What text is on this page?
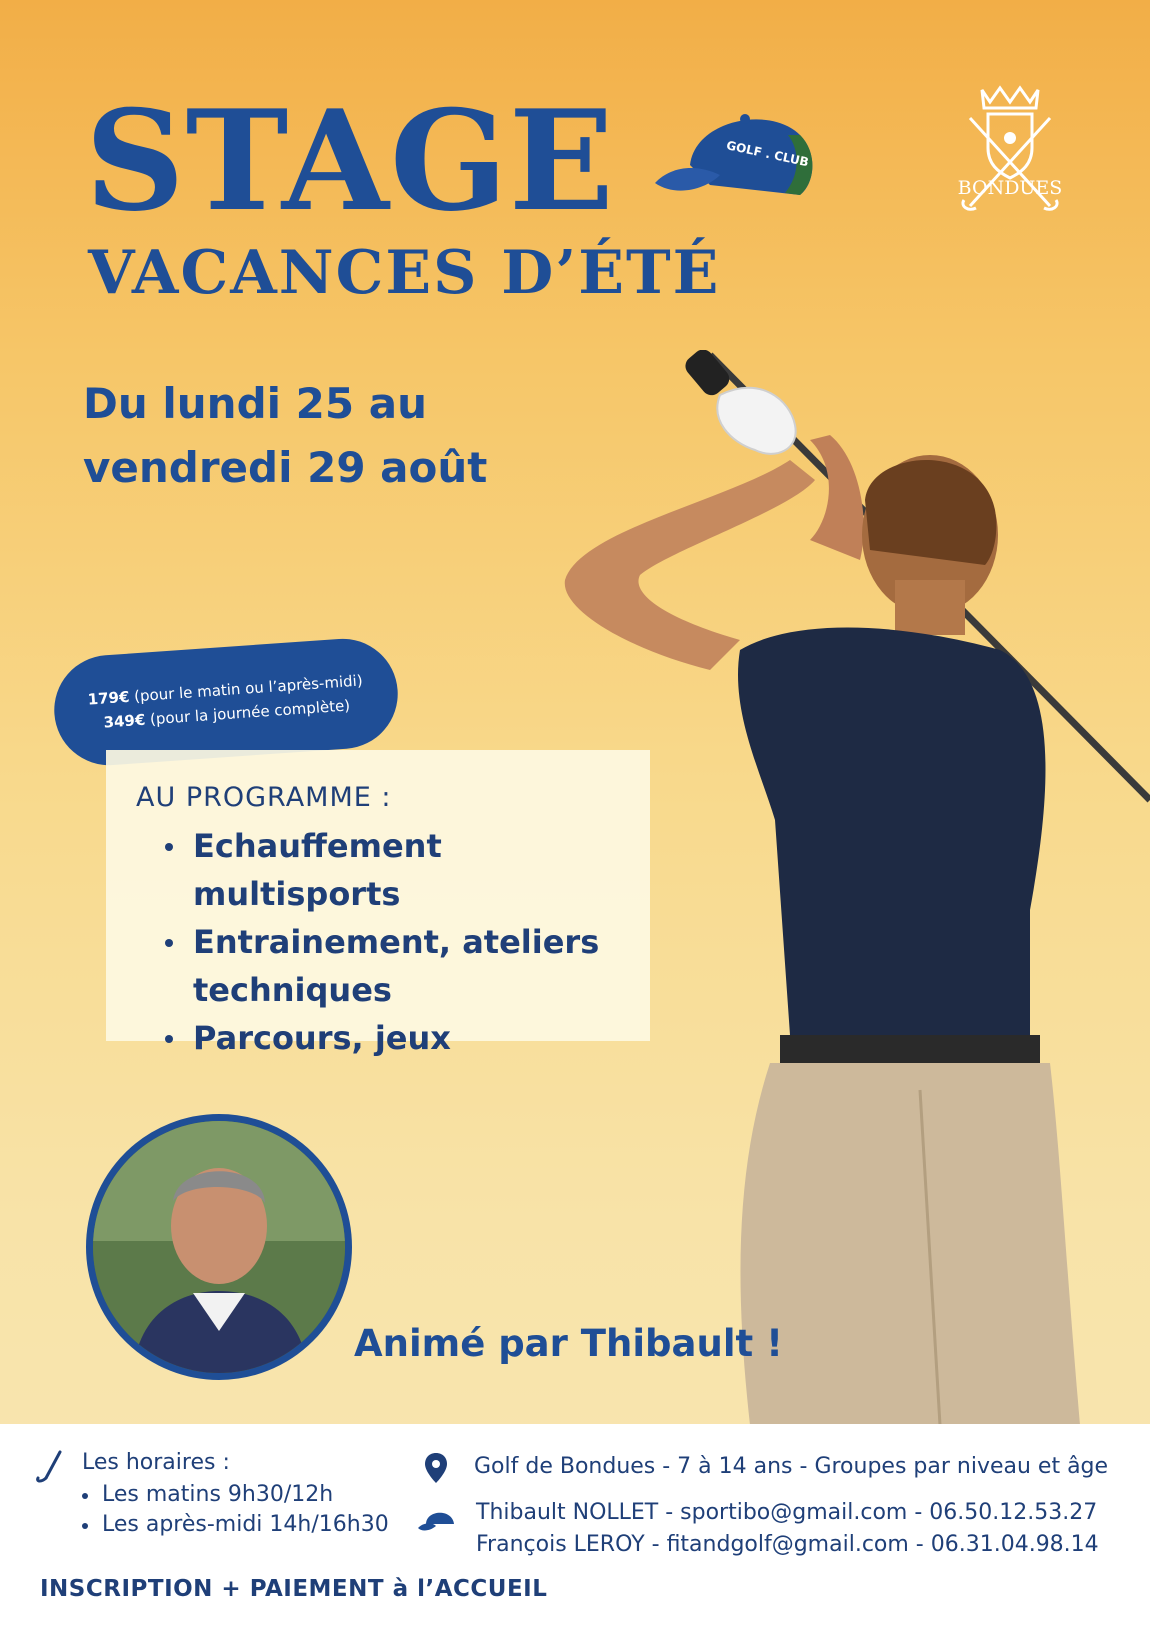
STAGE
VACANCES D’ÉTÉ
Du lundi 25 au
vendredi 29 août
GOLF . CLUB
BONDUES
179€ (pour le matin ou l’après-midi)
349€ (pour la journée complète)

AU PROGRAMME :

Echauffement multisports
Entrainement, ateliers techniques
Parcours, jeux

Animé par Thibault !

Les horaires :
Les matins 9h30/12h
Les après-midi 14h/16h30
Golf de Bondues - 7 à 14 ans - Groupes par niveau et âge
Thibault NOLLET - sportibo@gmail.com - 06.50.12.53.27
François LEROY - fitandgolf@gmail.com - 06.31.04.98.14
INSCRIPTION + PAIEMENT à l’ACCUEIL
